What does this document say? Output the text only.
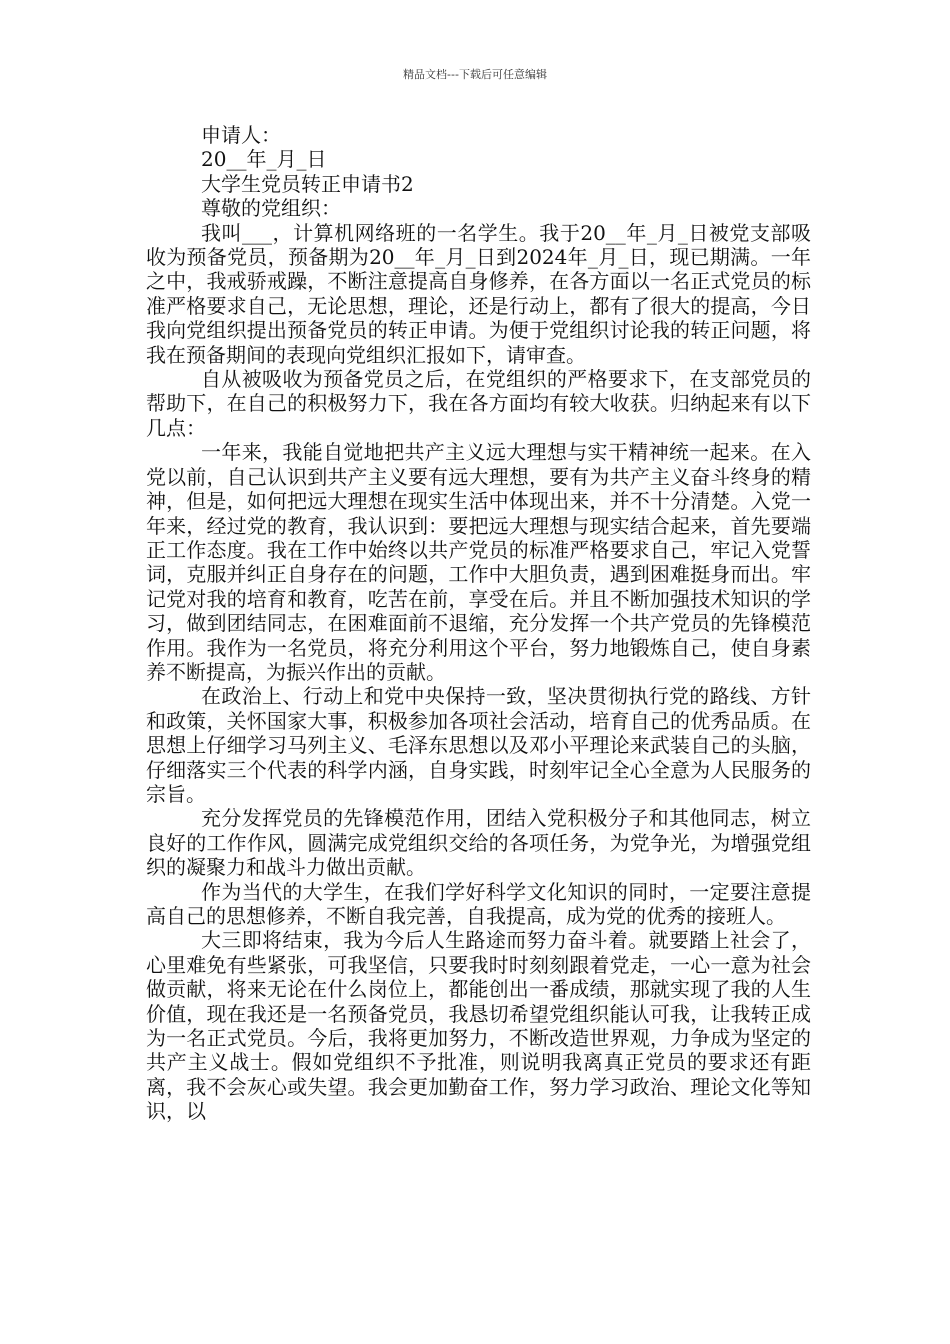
精品文档---下载后可任意编辑

申请人：

20__年_月_日

大学生党员转正申请书2

尊敬的党组织：

我叫___，计算机网络班的一名学生。我于20__年_月_日被党支部吸收为预备党员，预备期为20__年_月_日到2024年_月_日，现已期满。一年之中，我戒骄戒躁，不断注意提高自身修养，在各方面以一名正式党员的标准严格要求自己，无论思想，理论，还是行动上，都有了很大的提高，今日我向党组织提出预备党员的转正申请。为便于党组织讨论我的转正问题，将我在预备期间的表现向党组织汇报如下，请审查。

自从被吸收为预备党员之后，在党组织的严格要求下，在支部党员的帮助下，在自己的积极努力下，我在各方面均有较大收获。归纳起来有以下几点：

一年来，我能自觉地把共产主义远大理想与实干精神统一起来。在入党以前，自己认识到共产主义要有远大理想，要有为共产主义奋斗终身的精神，但是，如何把远大理想在现实生活中体现出来，并不十分清楚。入党一年来，经过党的教育，我认识到：要把远大理想与现实结合起来，首先要端正工作态度。我在工作中始终以共产党员的标准严格要求自己，牢记入党誓词，克服并纠正自身存在的问题，工作中大胆负责，遇到困难挺身而出。牢记党对我的培育和教育，吃苦在前，享受在后。并且不断加强技术知识的学习，做到团结同志，在困难面前不退缩，充分发挥一个共产党员的先锋模范作用。我作为一名党员，将充分利用这个平台，努力地锻炼自己，使自身素养不断提高，为振兴作出的贡献。

在政治上、行动上和党中央保持一致，坚决贯彻执行党的路线、方针和政策，关怀国家大事，积极参加各项社会活动，培育自己的优秀品质。在思想上仔细学习马列主义、毛泽东思想以及邓小平理论来武装自己的头脑，仔细落实三个代表的科学内涵，自身实践，时刻牢记全心全意为人民服务的宗旨。

充分发挥党员的先锋模范作用，团结入党积极分子和其他同志，树立良好的工作作风，圆满完成党组织交给的各项任务，为党争光，为增强党组织的凝聚力和战斗力做出贡献。

作为当代的大学生，在我们学好科学文化知识的同时，一定要注意提高自己的思想修养，不断自我完善，自我提高，成为党的优秀的接班人。

大三即将结束，我为今后人生路途而努力奋斗着。就要踏上社会了，心里难免有些紧张，可我坚信，只要我时时刻刻跟着党走，一心一意为社会做贡献，将来无论在什么岗位上，都能创出一番成绩，那就实现了我的人生价值，现在我还是一名预备党员，我恳切希望党组织能认可我，让我转正成为一名正式党员。今后，我将更加努力，不断改造世界观，力争成为坚定的共产主义战士。假如党组织不予批准，则说明我离真正党员的要求还有距离，我不会灰心或失望。我会更加勤奋工作，努力学习政治、理论文化等知识，以
